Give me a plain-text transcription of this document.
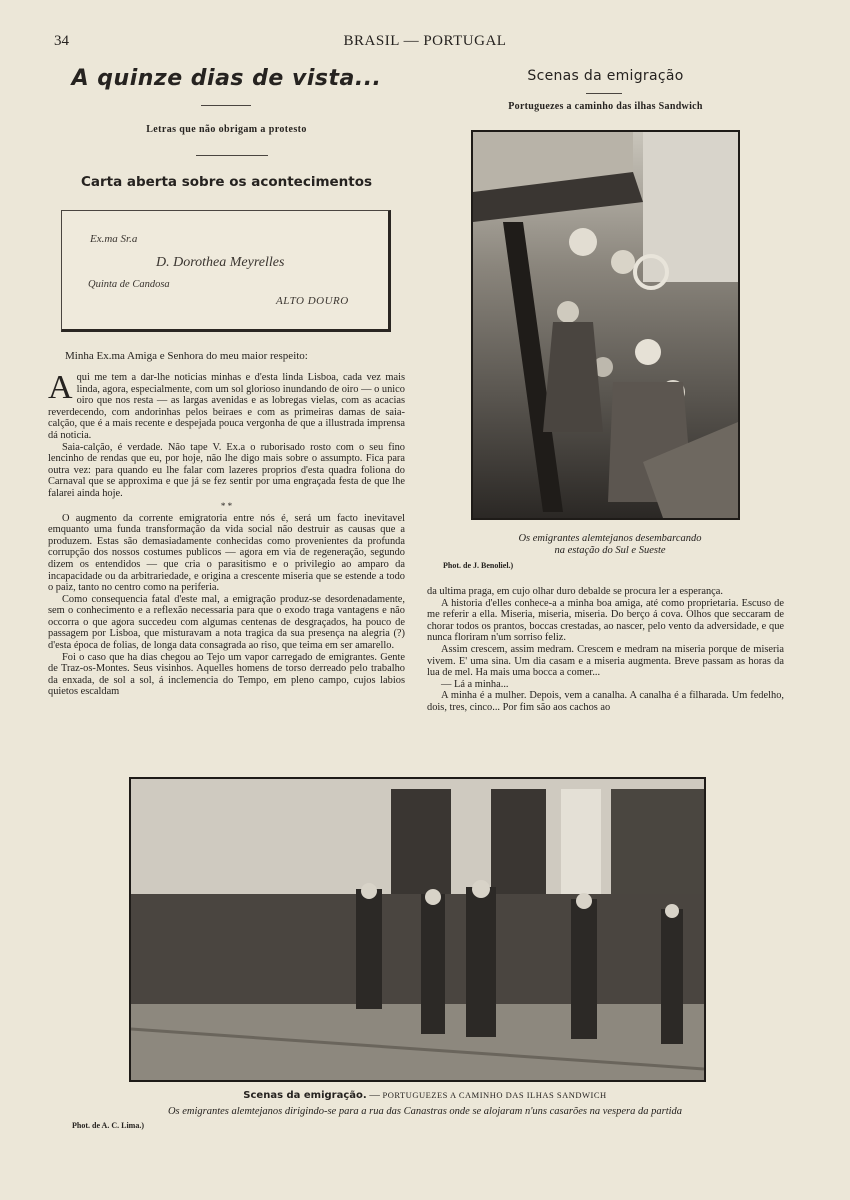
34	BRASIL — PORTUGAL
A quinze dias de vista...
Letras que não obrigam a protesto
Carta aberta sobre os acontecimentos
Ex.ma Sr.a
D. Dorothea Meyrelles
Quinta de Candosa
ALTO DOURO
Minha Ex.ma Amiga e Senhora do meu maior respeito:

Aqui me tem a dar-lhe noticias minhas e d'esta linda Lisboa, cada vez mais linda, agora, especialmente, com um sol glorioso inundando de oiro — o unico oiro que nos resta — as largas avenidas e as lobregas vielas, com as acacias reverdecendo, com andorinhas pelos beiraes e com as primeiras damas de saia-calção, que é a mais recente e despejada pouca vergonha de que a illustrada imprensa dá noticia.

Saia-calção, é verdade. Não tape V. Ex.a o ruborisado rosto com o seu fino lencinho de rendas que eu, por hoje, não lhe digo mais sobre o assumpto. Fica para outra vez: para quando eu lhe falar com lazeres proprios d'esta quadra foliona do Carnaval que se approxima e que já se fez sentir por uma engraçada festa de que lhe falarei ainda hoje.

* *

O augmento da corrente emigratoria entre nós é, será um facto inevitavel emquanto uma funda transformação da vida social não destruir as causas que a produzem. Estas são demasiadamente conhecidas como provenientes da profunda corrupção dos nossos costumes publicos — agora em via de regeneração, segundo dizem os entendidos — que cria o parasitismo e o privilegio ao amparo da incapacidade ou da arbitrariedade, e origina a crescente miseria que se estende a todo o paiz, tanto no centro como na periferia.

Como consequencia fatal d'este mal, a emigração produz-se desordenadamente, sem o conhecimento e a reflexão necessaria para que o exodo traga vantagens e não occorra o que agora succedeu com algumas centenas de desgraçados, ha pouco de passagem por Lisboa, que misturavam a nota tragica da sua presença na alegria (?) d'esta época de folias, de longa data consagrada ao riso, que teima em ser amarello.

Foi o caso que ha dias chegou ao Tejo um vapor carregado de emigrantes. Gente de Traz-os-Montes. Seus visinhos. Aquelles homens de torso derreado pelo trabalho da enxada, de sol a sol, á inclemencia do Tempo, em pleno campo, cujos labios quietos escaldam

Scenas da emigração
Portuguezes a caminho das ilhas Sandwich
Os emigrantes alemtejanos desembarcando
na estação do Sul e Sueste
Phot. de J. Benoliel.)

da ultima praga, em cujo olhar duro debalde se procura ler a esperança.

A historia d'elles conhece-a a minha boa amiga, até como proprietaria. Escuso de me referir a ella. Miseria, miseria, miseria. Do berço á cova. Olhos que seccaram de chorar todos os prantos, boccas crestadas, ao nascer, pelo vento da adversidade, e que nunca floriram n'um sorriso feliz.

Assim crescem, assim medram. Crescem e medram na miseria porque de miseria vivem. E' uma sina. Um dia casam e a miseria augmenta. Breve passam as horas da lua de mel. Ha mais uma bocca a comer...

— Lá a minha...

A minha é a mulher. Depois, vem a canalha. A canalha é a filharada. Um fedelho, dois, tres, cinco... Por fim são aos cachos ao

Scenas da emigração. — PORTUGUEZES A CAMINHO DAS ILHAS SANDWICH
Os emigrantes alemtejanos dirigindo-se para a rua das Canastras onde se alojaram n'uns casarões na vespera da partida
Phot. de A. C. Lima.)
